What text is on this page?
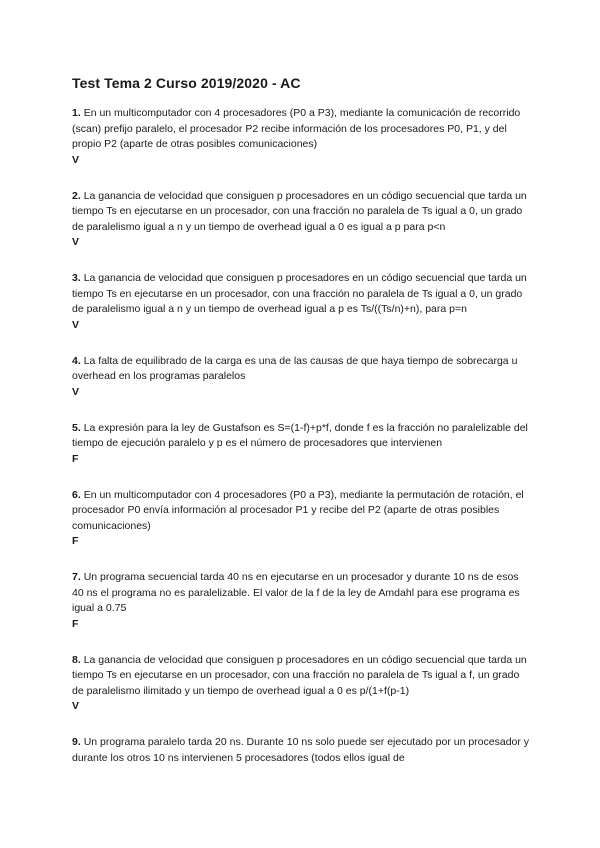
Test Tema 2 Curso 2019/2020 - AC

1. En un multicomputador con 4 procesadores (P0 a P3), mediante la comunicación de recorrido (scan) prefijo paralelo, el procesador P2 recibe información de los procesadores P0, P1, y del propio P2 (aparte de otras posibles comunicaciones)

V

2. La ganancia de velocidad que consiguen p procesadores en un código secuencial que tarda un tiempo Ts en ejecutarse en un procesador, con una fracción no paralela de Ts igual a 0, un grado de paralelismo igual a n y un tiempo de overhead igual a 0 es igual a p para p<n

V

3. La ganancia de velocidad que consiguen p procesadores en un código secuencial que tarda un tiempo Ts en ejecutarse en un procesador, con una fracción no paralela de Ts igual a 0, un grado de paralelismo igual a n y un tiempo de overhead igual a p es Ts/((Ts/n)+n), para p=n

V

4. La falta de equilibrado de la carga es una de las causas de que haya tiempo de sobrecarga u overhead en los programas paralelos

V

5. La expresión para la ley de Gustafson es S=(1-f)+p*f, donde f es la fracción no paralelizable del tiempo de ejecución paralelo y p es el número de procesadores que intervienen

F

6. En un multicomputador con 4 procesadores (P0 a P3), mediante la permutación de rotación, el procesador P0 envía información al procesador P1 y recibe del P2 (aparte de otras posibles comunicaciones)

F

7. Un programa secuencial tarda 40 ns en ejecutarse en un procesador y durante 10 ns de esos 40 ns el programa no es paralelizable. El valor de la f de la ley de Amdahl para ese programa es igual a 0.75

F

8. La ganancia de velocidad que consiguen p procesadores en un código secuencial que tarda un tiempo Ts en ejecutarse en un procesador, con una fracción no paralela de Ts igual a f, un grado de paralelismo ilimitado y un tiempo de overhead igual a 0 es p/(1+f(p-1)

V

9. Un programa paralelo tarda 20 ns. Durante 10 ns solo puede ser ejecutado por un procesador y durante los otros 10 ns intervienen 5 procesadores (todos ellos igual de
